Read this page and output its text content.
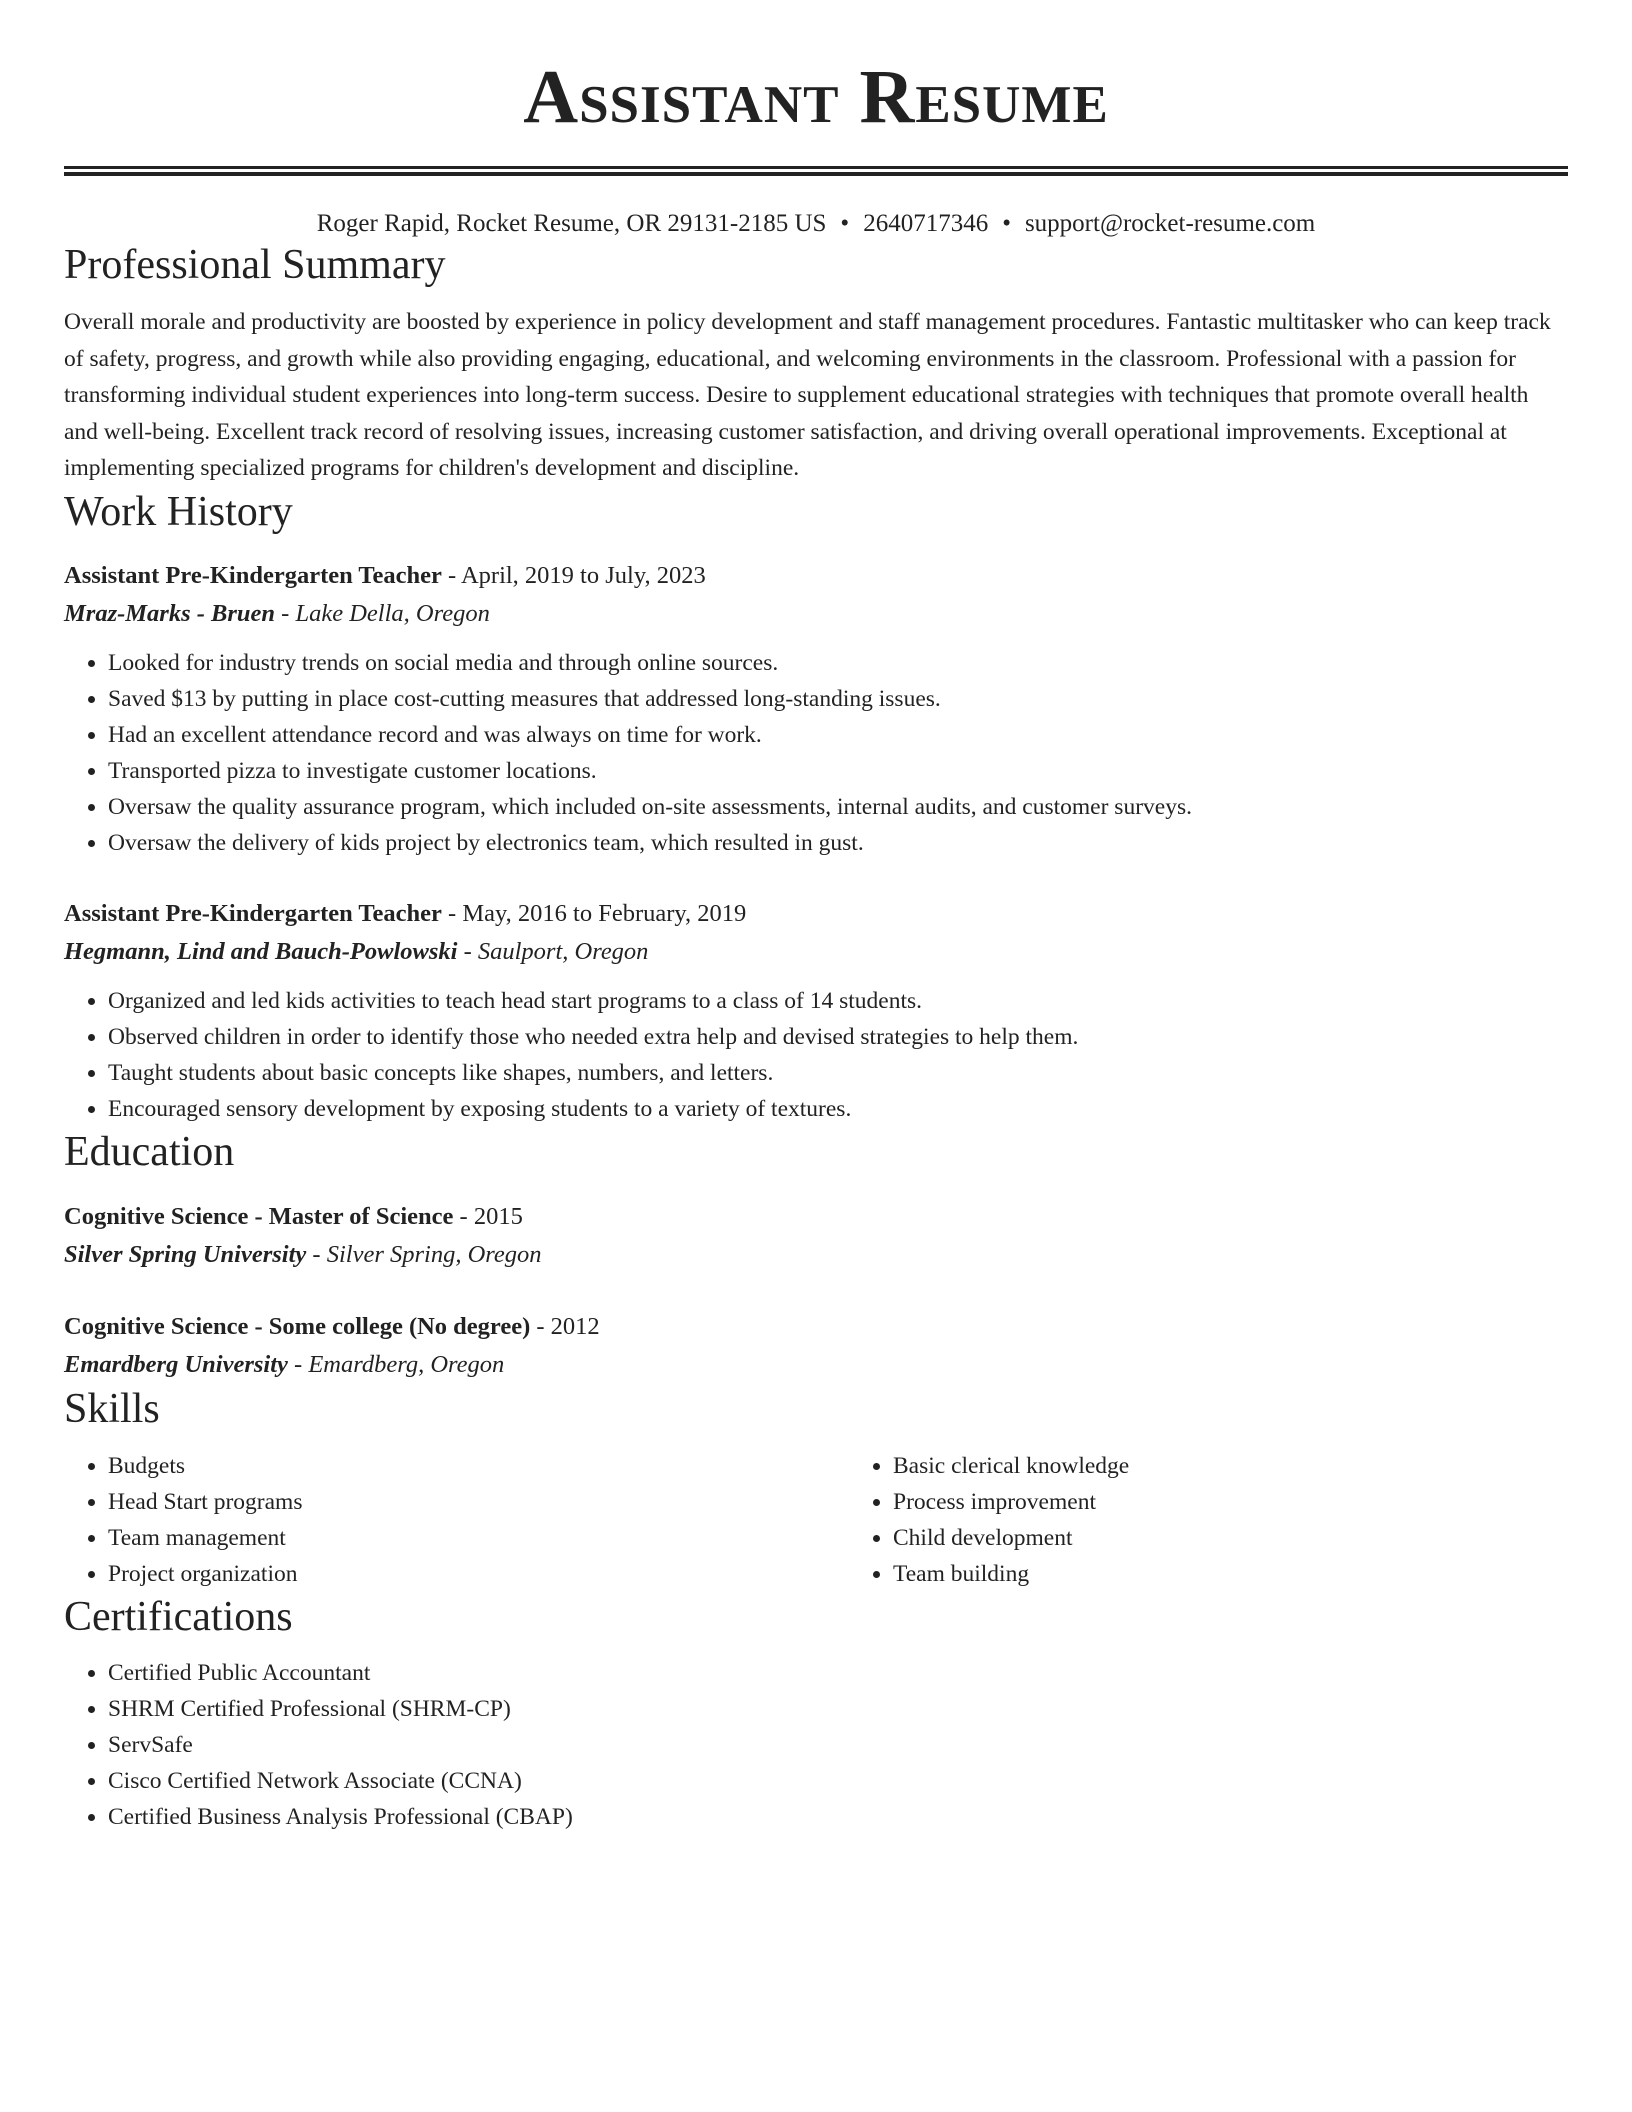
Assistant Resume
Roger Rapid, Rocket Resume, OR 29131-2185 US • 2640717346 • support@rocket-resume.com
Professional Summary

Overall morale and productivity are boosted by experience in policy development and staff management procedures. Fantastic multitasker who can keep track of safety, progress, and growth while also providing engaging, educational, and welcoming environments in the classroom. Professional with a passion for transforming individual student experiences into long-term success. Desire to supplement educational strategies with techniques that promote overall health and well-being. Excellent track record of resolving issues, increasing customer satisfaction, and driving overall operational improvements. Exceptional at implementing specialized programs for children's development and discipline.

Work History
Assistant Pre-Kindergarten Teacher - April, 2019 to July, 2023
Mraz-Marks - Bruen - Lake Della, Oregon
• Looked for industry trends on social media and through online sources.
• Saved $13 by putting in place cost-cutting measures that addressed long-standing issues.
• Had an excellent attendance record and was always on time for work.
• Transported pizza to investigate customer locations.
• Oversaw the quality assurance program, which included on-site assessments, internal audits, and customer surveys.
• Oversaw the delivery of kids project by electronics team, which resulted in gust.
Assistant Pre-Kindergarten Teacher - May, 2016 to February, 2019
Hegmann, Lind and Bauch-Powlowski - Saulport, Oregon
• Organized and led kids activities to teach head start programs to a class of 14 students.
• Observed children in order to identify those who needed extra help and devised strategies to help them.
• Taught students about basic concepts like shapes, numbers, and letters.
• Encouraged sensory development by exposing students to a variety of textures.
Education
Cognitive Science - Master of Science - 2015
Silver Spring University - Silver Spring, Oregon
Cognitive Science - Some college (No degree) - 2012
Emardberg University - Emardberg, Oregon
Skills
• Budgets
• Head Start programs
• Team management
• Project organization
• Basic clerical knowledge
• Process improvement
• Child development
• Team building
Certifications
• Certified Public Accountant
• SHRM Certified Professional (SHRM-CP)
• ServSafe
• Cisco Certified Network Associate (CCNA)
• Certified Business Analysis Professional (CBAP)
